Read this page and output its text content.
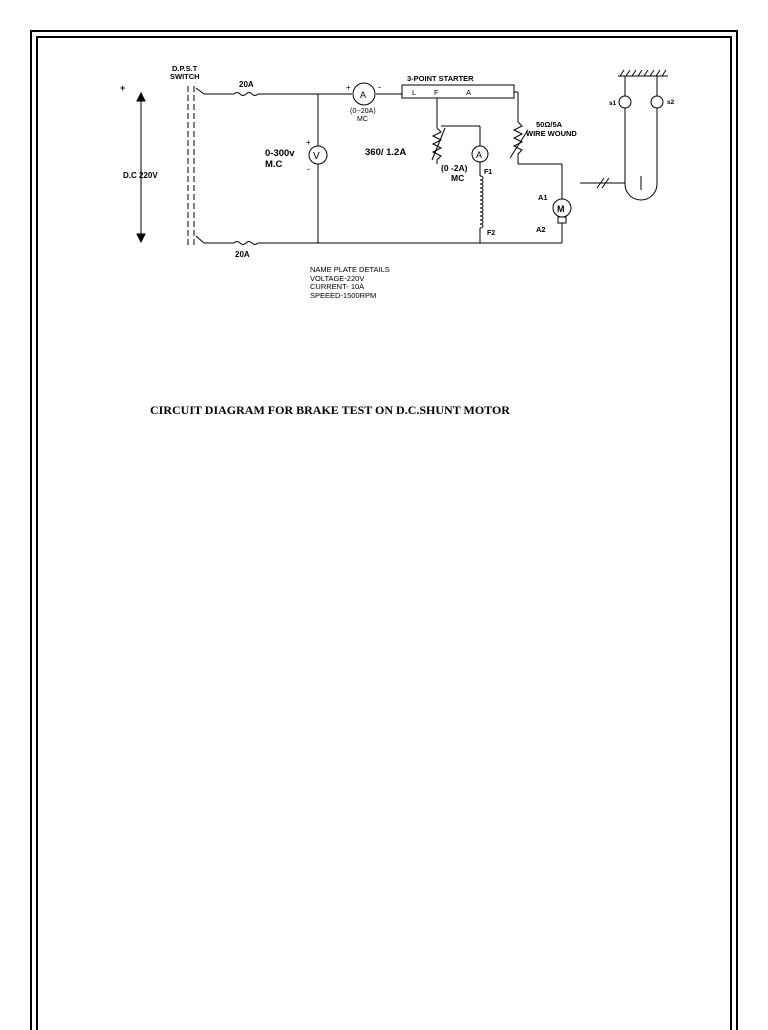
D.P.S.T
SWITCH
20A
20A
+
D.C 220V
0-300v
M.C
V
+
-
+	-
A
(0--20A)
MC
3-POINT STARTER
L F	A
360/ 1.2A	A
(0 -2A)
MC
F1
F2
50Ω/5A
WIRE WOUND
A1
A2
M
s1	s2
NAME PLATE DETAILS
VOLTAGE-220V
CURRENT- 10A
SPEEED-1500RPM
CIRCUIT DIAGRAM FOR BRAKE TEST ON D.C.SHUNT MOTOR
